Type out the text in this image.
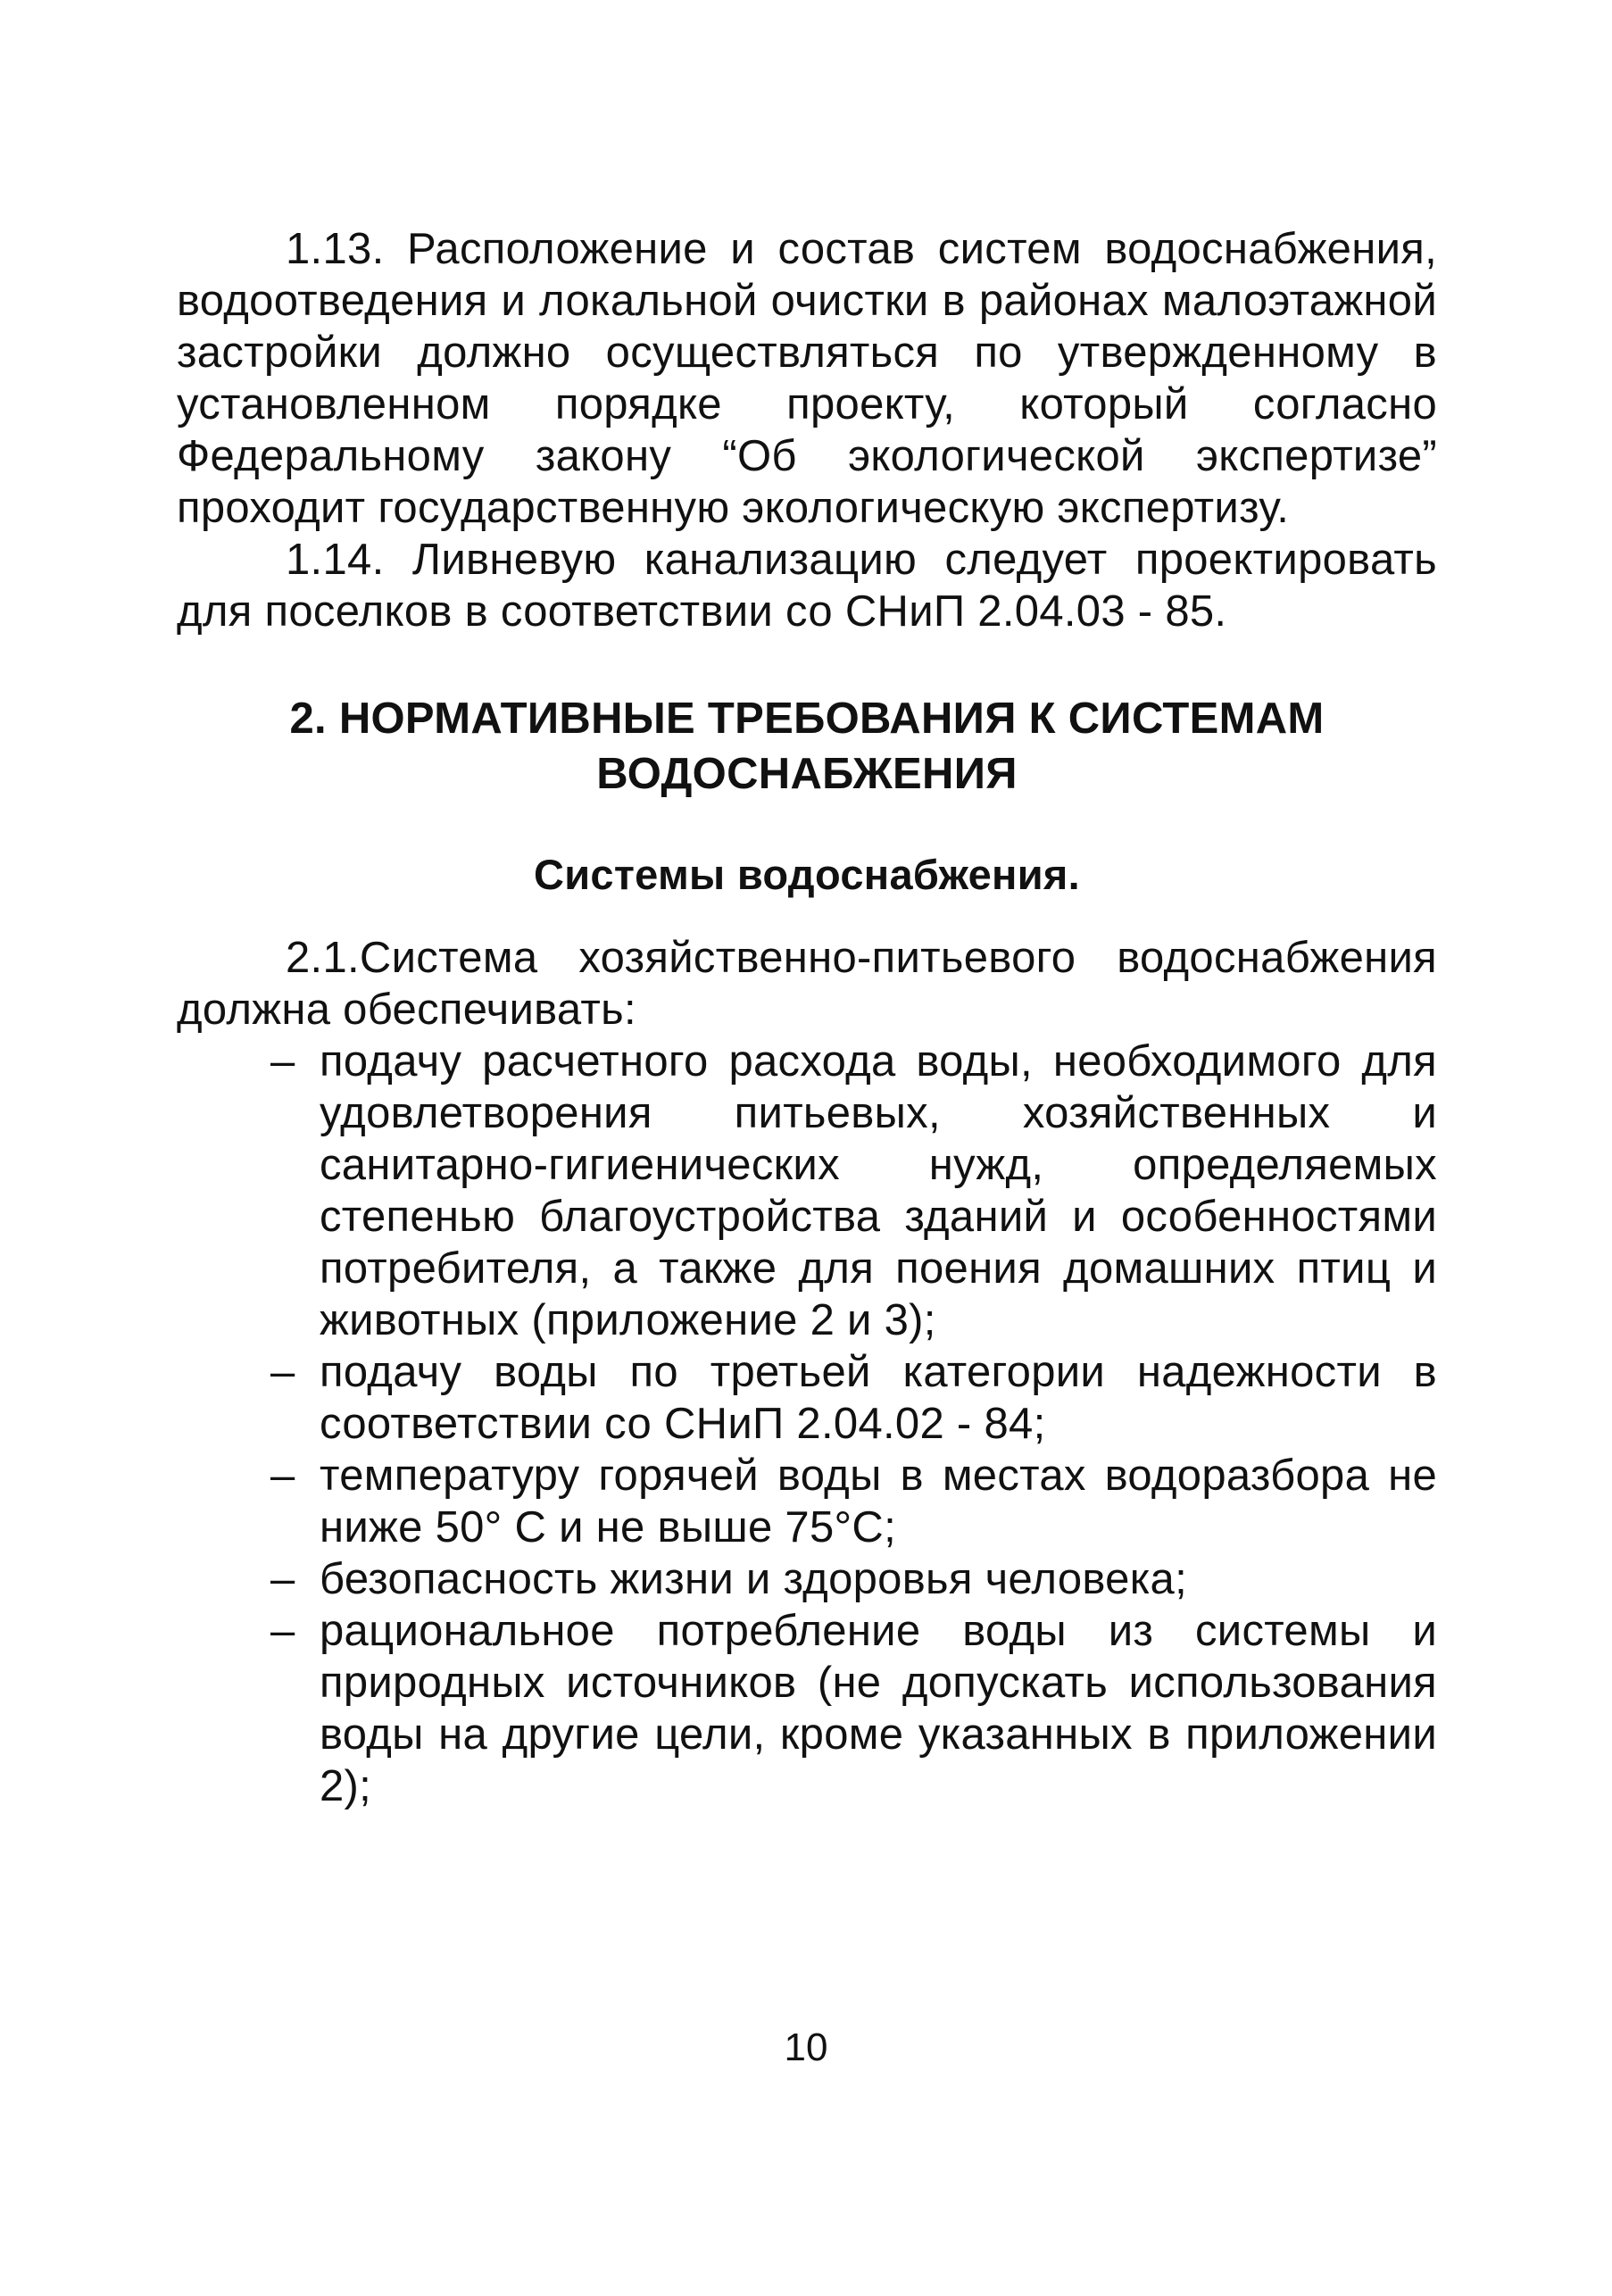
1.13. Расположение и состав систем водоснабжения, водоотведения и локальной очистки в районах малоэтажной застройки должно осуществляться по утвержденному в установленном порядке проекту, который согласно Федеральному закону “Об экологической экспертизе” проходит государственную экологическую экспертизу.

1.14. Ливневую канализацию следует проектировать для поселков в соответствии со СНиП 2.04.03 - 85.

2. НОРМАТИВНЫЕ ТРЕБОВАНИЯ К СИСТЕМАМ
ВОДОСНАБЖЕНИЯ
Системы водоснабжения.

2.1.Система хозяйственно-питьевого водоснабжения должна обеспечивать:

– подачу расчетного расхода воды, необходимого для удовлетворения питьевых, хозяйственных и санитарно-гигиенических нужд, определяемых степенью благоустройства зданий и особенностями потребителя, а также для поения домашних птиц и животных (приложение 2 и 3);
– подачу воды по третьей категории надежности в соответствии со СНиП 2.04.02 - 84;
– температуру горячей воды в местах водоразбора не ниже 50° С и не выше 75°С;
– безопасность жизни и здоровья человека;
– рациональное потребление воды из системы и природных источников (не допускать использования воды на другие цели, кроме указанных в приложении 2);
10
